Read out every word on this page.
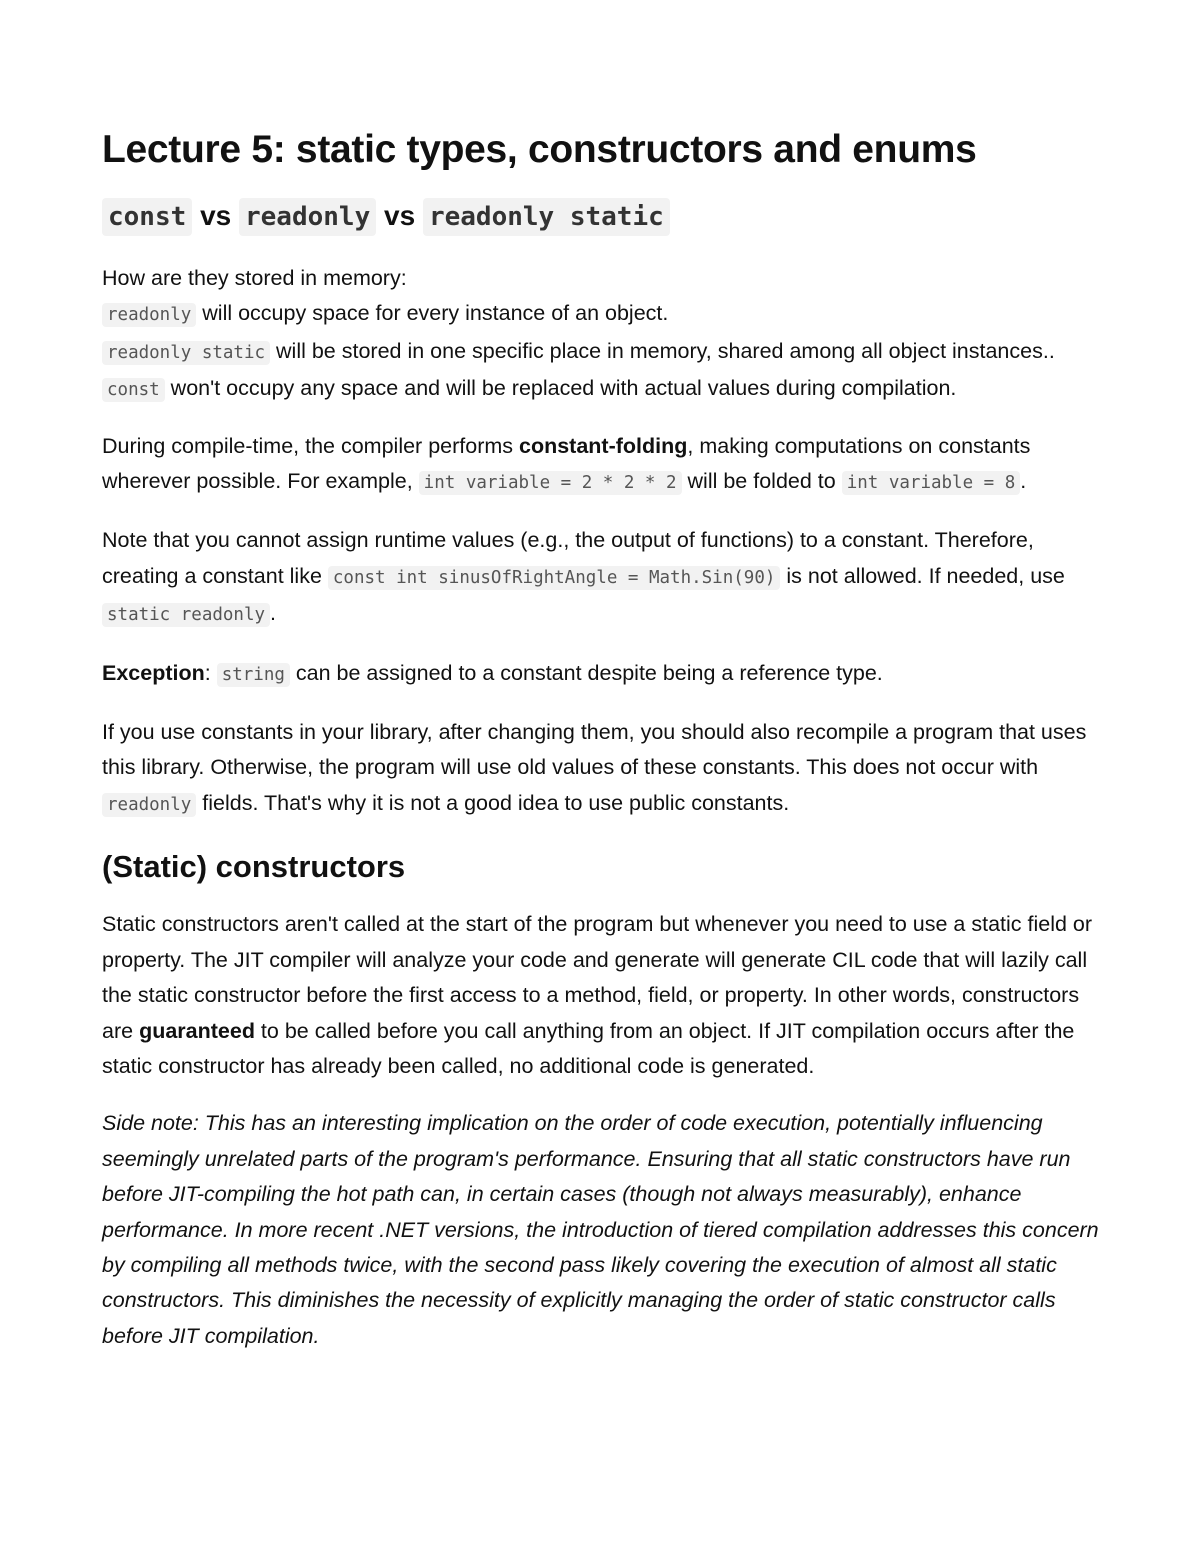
Lecture 5: static types, constructors and enums
const vs readonly vs readonly static

How are they stored in memory:
readonly will occupy space for every instance of an object.
readonly static will be stored in one specific place in memory, shared among all object instances..
const won't occupy any space and will be replaced with actual values during compilation.

During compile-time, the compiler performs constant-folding, making computations on constants wherever possible. For example, int variable = 2 * 2 * 2 will be folded to int variable = 8 .

Note that you cannot assign runtime values (e.g., the output of functions) to a constant. Therefore, creating a constant like const int sinusOfRightAngle = Math.Sin(90) is not allowed. If needed, use static readonly .

Exception: string can be assigned to a constant despite being a reference type.

If you use constants in your library, after changing them, you should also recompile a program that uses this library. Otherwise, the program will use old values of these constants. This does not occur with readonly fields. That's why it is not a good idea to use public constants.

(Static) constructors

Static constructors aren't called at the start of the program but whenever you need to use a static field or property. The JIT compiler will analyze your code and generate will generate CIL code that will lazily call the static constructor before the first access to a method, field, or property. In other words, constructors are guaranteed to be called before you call anything from an object. If JIT compilation occurs after the static constructor has already been called, no additional code is generated.

Side note: This has an interesting implication on the order of code execution, potentially influencing seemingly unrelated parts of the program's performance. Ensuring that all static constructors have run before JIT-compiling the hot path can, in certain cases (though not always measurably), enhance performance. In more recent .NET versions, the introduction of tiered compilation addresses this concern by compiling all methods twice, with the second pass likely covering the execution of almost all static constructors. This diminishes the necessity of explicitly managing the order of static constructor calls before JIT compilation.
